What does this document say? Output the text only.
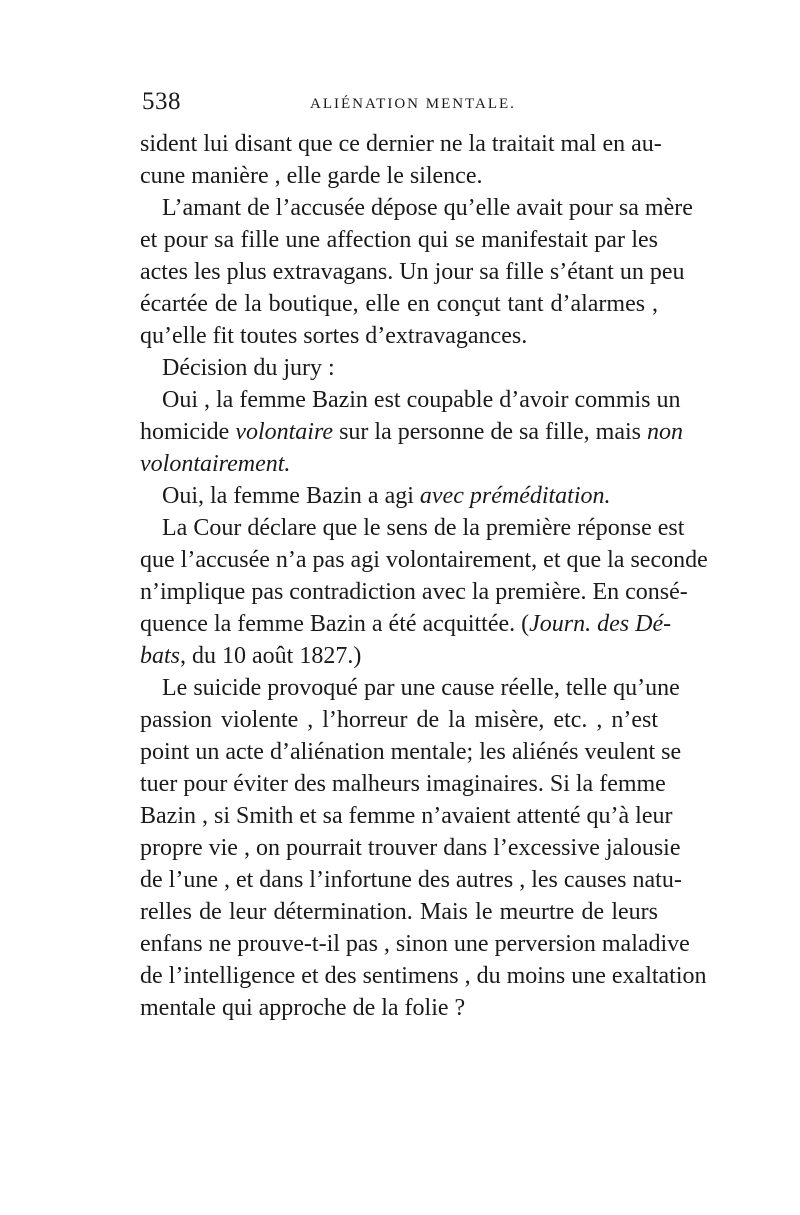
538	ALIÉNATION MENTALE.
sident lui disant que ce dernier ne la traitait mal en au-
cune manière , elle garde le silence.
L’amant de l’accusée dépose qu’elle avait pour sa mère
et pour sa fille une affection qui se manifestait par les
actes les plus extravagans. Un jour sa fille s’étant un peu
écartée de la boutique, elle en conçut tant d’alarmes ,
qu’elle fit toutes sortes d’extravagances.
Décision du jury :
Oui , la femme Bazin est coupable d’avoir commis un
homicide volontaire sur la personne de sa fille, mais non
volontairement.
Oui, la femme Bazin a agi avec préméditation.
La Cour déclare que le sens de la première réponse est
que l’accusée n’a pas agi volontairement, et que la seconde
n’implique pas contradiction avec la première. En consé-
quence la femme Bazin a été acquittée. (Journ. des Dé-
bats, du 10 août 1827.)
Le suicide provoqué par une cause réelle, telle qu’une
passion violente , l’horreur de la misère, etc. , n’est
point un acte d’aliénation mentale; les aliénés veulent se
tuer pour éviter des malheurs imaginaires. Si la femme
Bazin , si Smith et sa femme n’avaient attenté qu’à leur
propre vie , on pourrait trouver dans l’excessive jalousie
de l’une , et dans l’infortune des autres , les causes natu-
relles de leur détermination. Mais le meurtre de leurs
enfans ne prouve-t-il pas , sinon une perversion maladive
de l’intelligence et des sentimens , du moins une exaltation
mentale qui approche de la folie ?
